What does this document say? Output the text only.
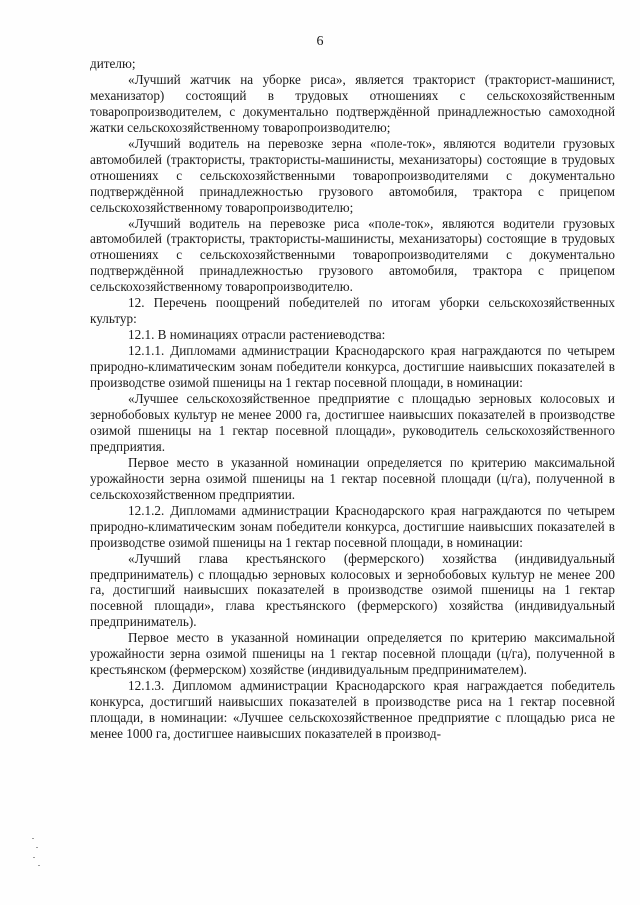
6

дителю;

«Лучший жатчик на уборке риса», является тракторист (тракторист-машинист, механизатор) состоящий в трудовых отношениях с сельскохозяйственным товаропроизводителем, с документально подтверждённой принадлежностью самоходной жатки сельскохозяйственному товаропроизводителю;

«Лучший водитель на перевозке зерна «поле-ток», являются водители грузовых автомобилей (трактористы, трактористы-машинисты, механизаторы) состоящие в трудовых отношениях с сельскохозяйственными товаропроизводителями с документально подтверждённой принадлежностью грузового автомобиля, трактора с прицепом сельскохозяйственному товаропроизводителю;

«Лучший водитель на перевозке риса «поле-ток», являются водители грузовых автомобилей (трактористы, трактористы-машинисты, механизаторы) состоящие в трудовых отношениях с сельскохозяйственными товаропроизводителями с документально подтверждённой принадлежностью грузового автомобиля, трактора с прицепом сельскохозяйственному товаропроизводителю.

12. Перечень поощрений победителей по итогам уборки сельскохозяйственных культур:

12.1. В номинациях отрасли растениеводства:

12.1.1. Дипломами администрации Краснодарского края награждаются по четырем природно-климатическим зонам победители конкурса, достигшие наивысших показателей в производстве озимой пшеницы на 1 гектар посевной площади, в номинации:

«Лучшее сельскохозяйственное предприятие с площадью зерновых колосовых и зернобобовых культур не менее 2000 га, достигшее наивысших показателей в производстве озимой пшеницы на 1 гектар посевной площади», руководитель сельскохозяйственного предприятия.

Первое место в указанной номинации определяется по критерию максимальной урожайности зерна озимой пшеницы на 1 гектар посевной площади (ц/га), полученной в сельскохозяйственном предприятии.

12.1.2. Дипломами администрации Краснодарского края награждаются по четырем природно-климатическим зонам победители конкурса, достигшие наивысших показателей в производстве озимой пшеницы на 1 гектар посевной площади, в номинации:

«Лучший глава крестьянского (фермерского) хозяйства (индивидуальный предприниматель) с площадью зерновых колосовых и зернобобовых культур не менее 200 га, достигший наивысших показателей в производстве озимой пшеницы на 1 гектар посевной площади», глава крестьянского (фермерского) хозяйства (индивидуальный предприниматель).

Первое место в указанной номинации определяется по критерию максимальной урожайности зерна озимой пшеницы на 1 гектар посевной площади (ц/га), полученной в крестьянском (фермерском) хозяйстве (индивидуальным предпринимателем).

12.1.3. Дипломом администрации Краснодарского края награждается победитель конкурса, достигший наивысших показателей в производстве риса на 1 гектар посевной площади, в номинации: «Лучшее сельскохозяйственное предприятие с площадью риса не менее 1000 га, достигшее наивысших показателей в производ-
